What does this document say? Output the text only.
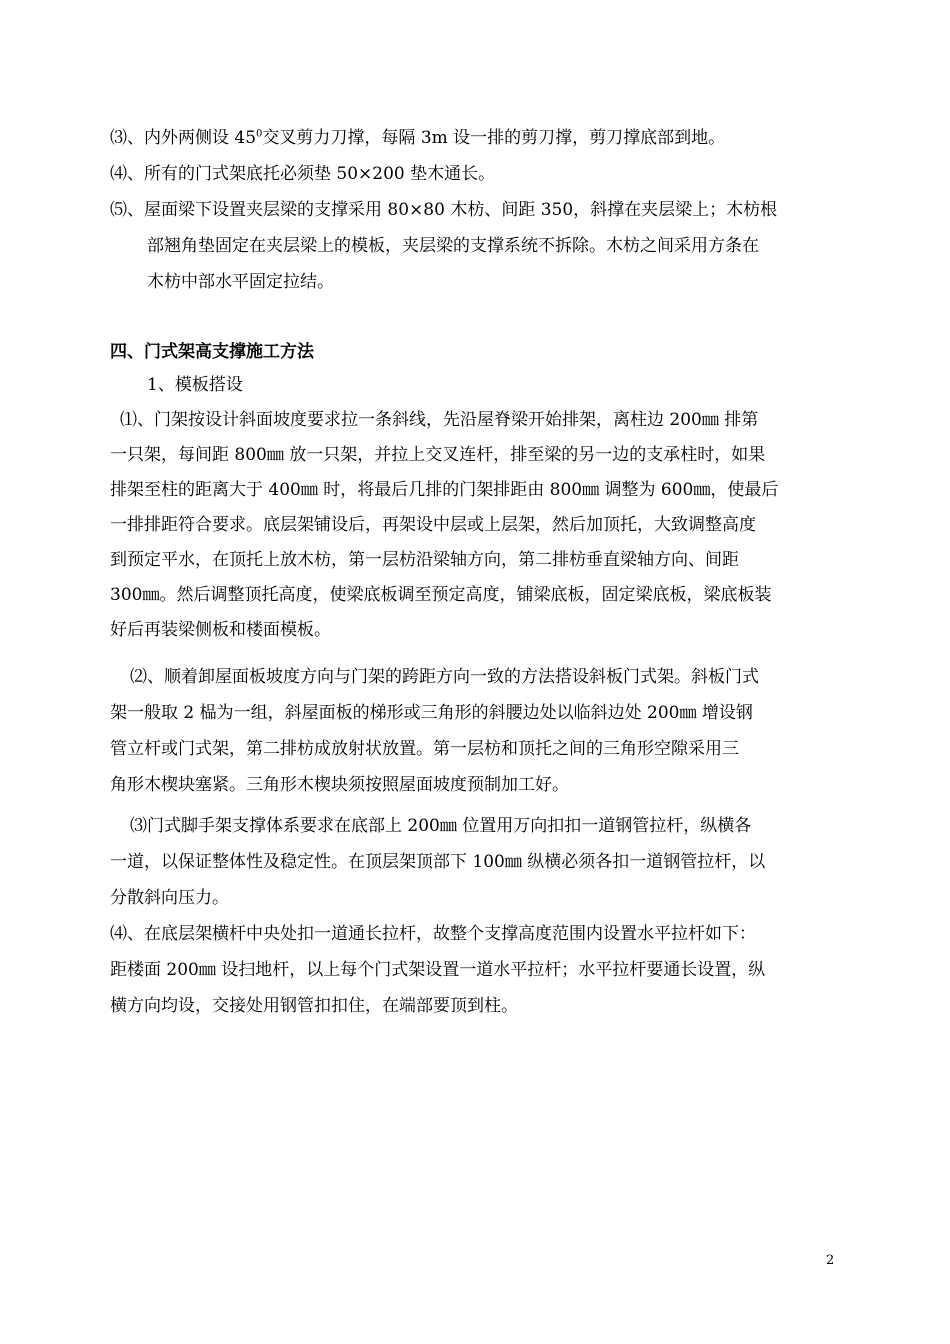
⑶、内外两侧设 $45^0$交叉剪力刀撑，每隔 3m 设一排的剪刀撑，剪刀撑底部到地。

⑷、所有的门式架底托必须垫 50×200 垫木通长。

⑸、屋面梁下设置夹层梁的支撑采用 80×80 木枋、间距 350，斜撑在夹层梁上；木枋根

部翘角垫固定在夹层梁上的模板，夹层梁的支撑系统不拆除。木枋之间采用方条在

木枋中部水平固定拉结。

四、门式架高支撑施工方法

1、模板搭设

⑴、门架按设计斜面坡度要求拉一条斜线，先沿屋脊梁开始排架，离柱边 200㎜ 排第

一只架，每间距 800㎜ 放一只架，并拉上交叉连杆，排至梁的另一边的支承柱时，如果

排架至柱的距离大于 400㎜ 时，将最后几排的门架排距由 800㎜ 调整为 600㎜，使最后

一排排距符合要求。底层架铺设后，再架设中层或上层架，然后加顶托，大致调整高度

到预定平水，在顶托上放木枋，第一层枋沿梁轴方向，第二排枋垂直梁轴方向、间距

300㎜。然后调整顶托高度，使梁底板调至预定高度，铺梁底板，固定梁底板，梁底板装

好后再装梁侧板和楼面模板。

⑵、顺着卸屋面板坡度方向与门架的跨距方向一致的方法搭设斜板门式架。斜板门式

架一般取 2 榀为一组，斜屋面板的梯形或三角形的斜腰边处以临斜边处 200㎜ 增设钢

管立杆或门式架，第二排枋成放射状放置。第一层枋和顶托之间的三角形空隙采用三

角形木楔块塞紧。三角形木楔块须按照屋面坡度预制加工好。

⑶门式脚手架支撑体系要求在底部上 200㎜ 位置用万向扣扣一道钢管拉杆，纵横各

一道，以保证整体性及稳定性。在顶层架顶部下 100㎜ 纵横必须各扣一道钢管拉杆，以

分散斜向压力。

⑷、在底层架横杆中央处扣一道通长拉杆，故整个支撑高度范围内设置水平拉杆如下：

距楼面 200㎜ 设扫地杆，以上每个门式架设置一道水平拉杆；水平拉杆要通长设置，纵

横方向均设，交接处用钢管扣扣住，在端部要顶到柱。

2
